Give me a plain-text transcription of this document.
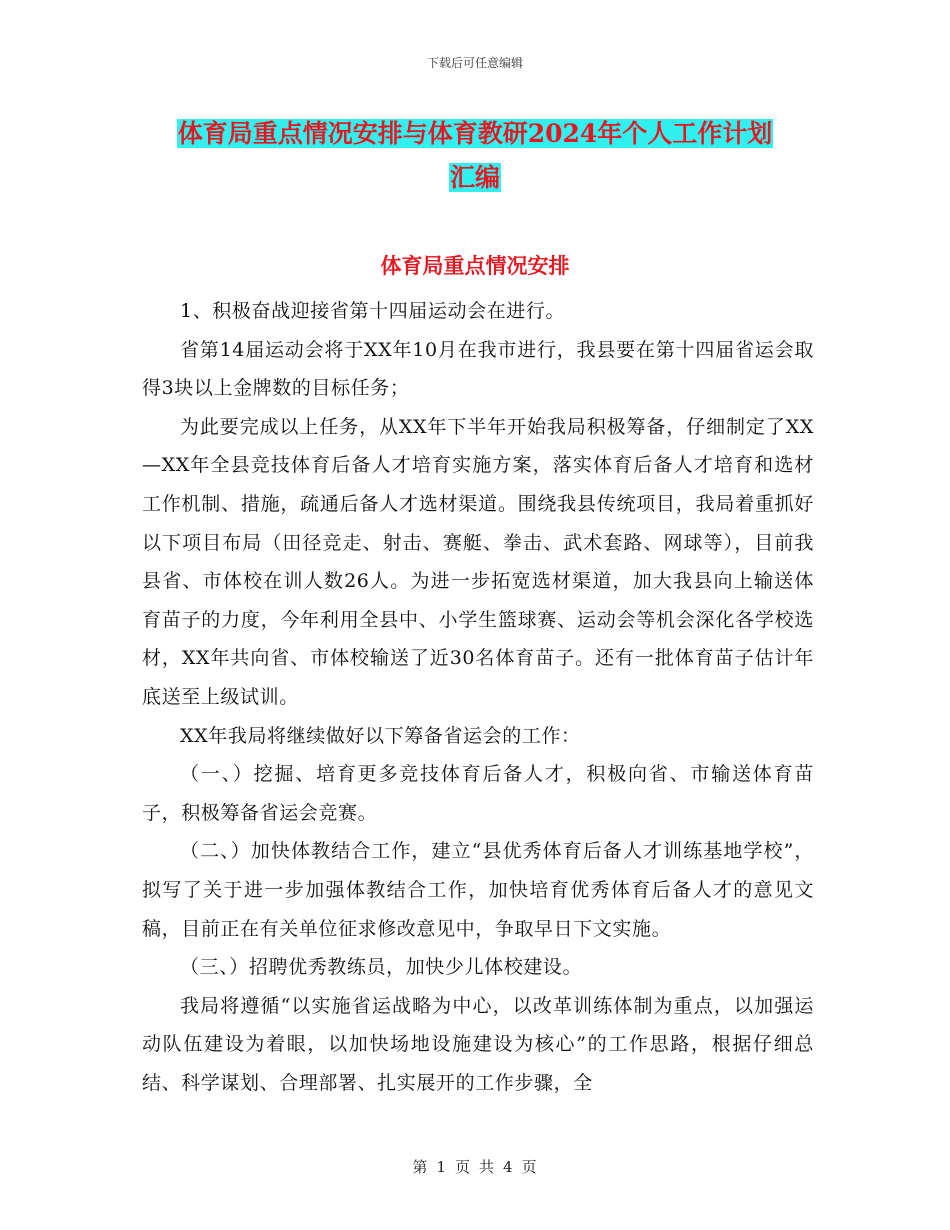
下载后可任意编辑
体育局重点情况安排与体育教研2024年个人工作计划
汇编
体育局重点情况安排

1、积极奋战迎接省第十四届运动会在进行。

省第14届运动会将于XX年10月在我市进行，我县要在第十四届省运会取得3块以上金牌数的目标任务；

为此要完成以上任务，从XX年下半年开始我局积极筹备，仔细制定了XX—XX年全县竞技体育后备人才培育实施方案，落实体育后备人才培育和选材工作机制、措施，疏通后备人才选材渠道。围绕我县传统项目，我局着重抓好以下项目布局（田径竞走、射击、赛艇、拳击、武术套路、网球等），目前我县省、市体校在训人数26人。为进一步拓宽选材渠道，加大我县向上输送体育苗子的力度，今年利用全县中、小学生篮球赛、运动会等机会深化各学校选材，XX年共向省、市体校输送了近30名体育苗子。还有一批体育苗子估计年底送至上级试训。

XX年我局将继续做好以下筹备省运会的工作：

（一、）挖掘、培育更多竞技体育后备人才，积极向省、市输送体育苗子，积极筹备省运会竞赛。

（二、）加快体教结合工作，建立“县优秀体育后备人才训练基地学校”，拟写了关于进一步加强体教结合工作，加快培育优秀体育后备人才的意见文稿，目前正在有关单位征求修改意见中，争取早日下文实施。

（三、）招聘优秀教练员，加快少儿体校建设。

我局将遵循“以实施省运战略为中心，以改革训练体制为重点，以加强运动队伍建设为着眼，以加快场地设施建设为核心”的工作思路，根据仔细总结、科学谋划、合理部署、扎实展开的工作步骤，全

第 1 页 共 4 页
